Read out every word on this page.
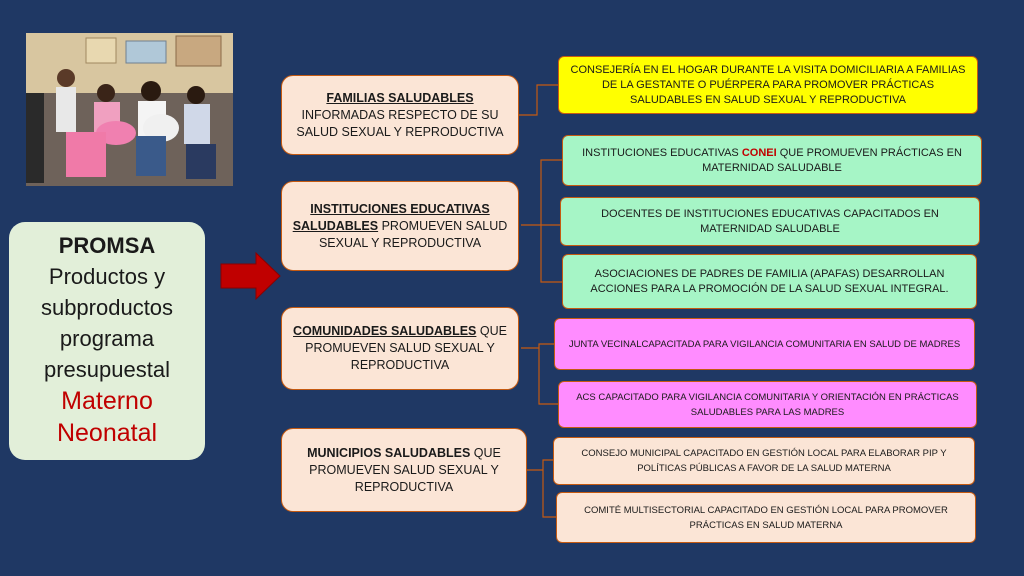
PROMSA
Productos y
subproductos
programa
presupuestal
Materno
Neonatal
FAMILIAS SALUDABLES
INFORMADAS RESPECTO DE SU SALUD SEXUAL Y REPRODUCTIVA
INSTITUCIONES EDUCATIVAS SALUDABLES PROMUEVEN SALUD SEXUAL Y REPRODUCTIVA
COMUNIDADES SALUDABLES QUE PROMUEVEN SALUD SEXUAL Y REPRODUCTIVA
MUNICIPIOS SALUDABLES QUE PROMUEVEN SALUD SEXUAL Y REPRODUCTIVA
CONSEJERÍA EN EL HOGAR DURANTE LA VISITA DOMICILIARIA A FAMILIAS DE LA GESTANTE O PUÉRPERA PARA PROMOVER PRÁCTICAS SALUDABLES EN SALUD SEXUAL Y REPRODUCTIVA
INSTITUCIONES EDUCATIVAS CONEI QUE PROMUEVEN PRÁCTICAS EN MATERNIDAD SALUDABLE
DOCENTES DE INSTITUCIONES EDUCATIVAS CAPACITADOS EN MATERNIDAD SALUDABLE
ASOCIACIONES DE PADRES DE FAMILIA (APAFAS) DESARROLLAN ACCIONES PARA LA PROMOCIÓN DE LA SALUD SEXUAL INTEGRAL.
JUNTA VECINALCAPACITADA PARA VIGILANCIA COMUNITARIA EN SALUD DE MADRES
ACS CAPACITADO PARA VIGILANCIA COMUNITARIA Y ORIENTACIÓN EN PRÁCTICAS SALUDABLES PARA LAS MADRES
CONSEJO MUNICIPAL CAPACITADO EN GESTIÓN LOCAL PARA ELABORAR PIP Y POLÍTICAS PÚBLICAS A FAVOR DE LA SALUD MATERNA
COMITÉ MULTISECTORIAL CAPACITADO EN GESTIÓN LOCAL PARA PROMOVER PRÁCTICAS EN SALUD MATERNA
